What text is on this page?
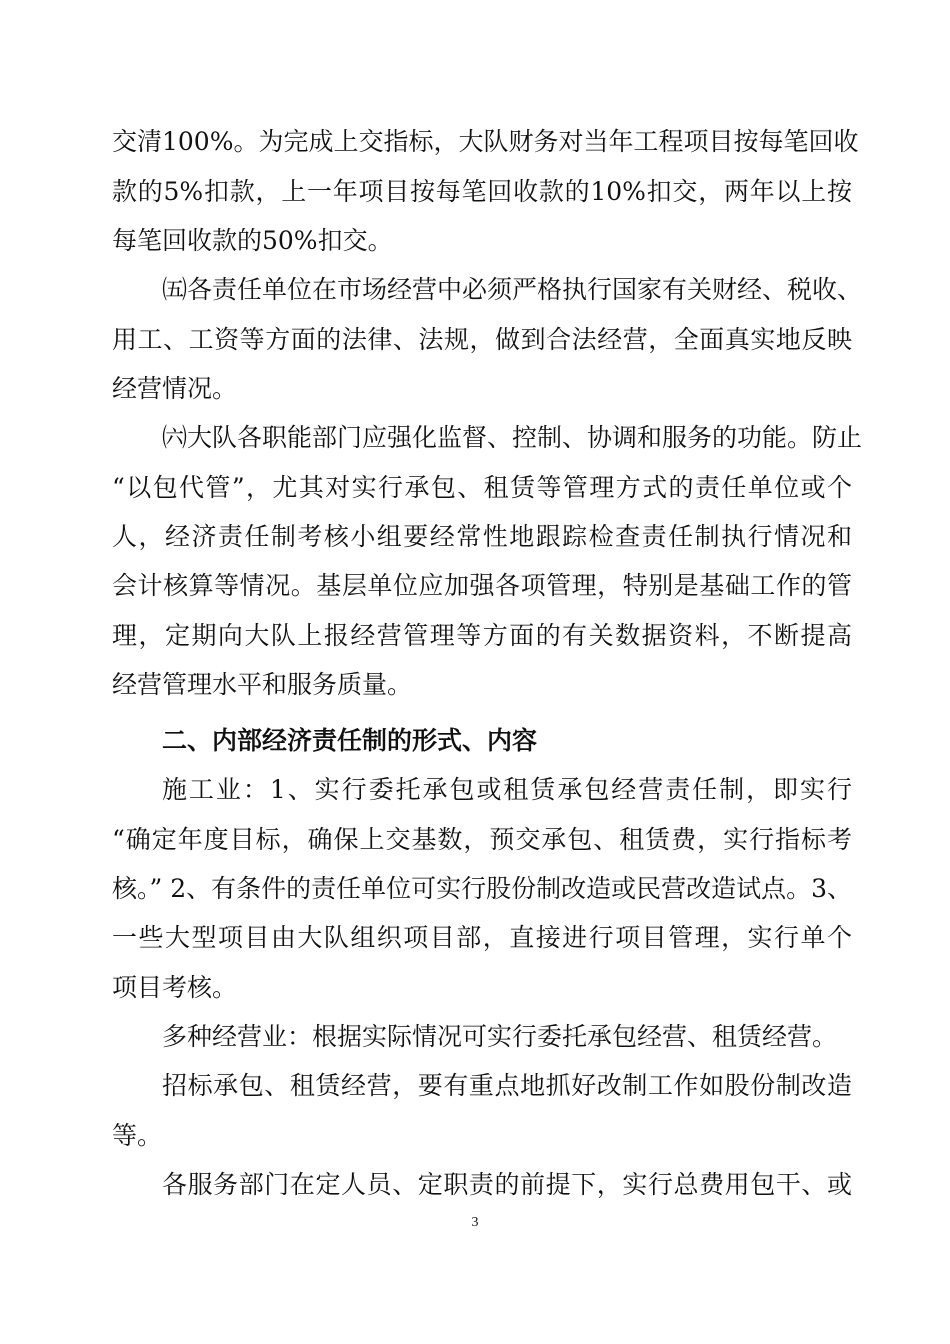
交清100%。为完成上交指标，大队财务对当年工程项目按每笔回收
款的5%扣款，上一年项目按每笔回收款的10%扣交，两年以上按
每笔回收款的50%扣交。
㈤各责任单位在市场经营中必须严格执行国家有关财经、税收、
用工、工资等方面的法律、法规，做到合法经营，全面真实地反映
经营情况。
㈥大队各职能部门应强化监督、控制、协调和服务的功能。防止
“以包代管”，尤其对实行承包、租赁等管理方式的责任单位或个
人，经济责任制考核小组要经常性地跟踪检查责任制执行情况和
会计核算等情况。基层单位应加强各项管理，特别是基础工作的管
理，定期向大队上报经营管理等方面的有关数据资料，不断提高
经营管理水平和服务质量。
二、内部经济责任制的形式、内容
施工业：1、实行委托承包或租赁承包经营责任制，即实行
“确定年度目标，确保上交基数，预交承包、租赁费，实行指标考
核。” 2、有条件的责任单位可实行股份制改造或民营改造试点。3、
一些大型项目由大队组织项目部，直接进行项目管理，实行单个
项目考核。
多种经营业：根据实际情况可实行委托承包经营、租赁经营。
招标承包、租赁经营，要有重点地抓好改制工作如股份制改造
等。
各服务部门在定人员、定职责的前提下，实行总费用包干、或
3
